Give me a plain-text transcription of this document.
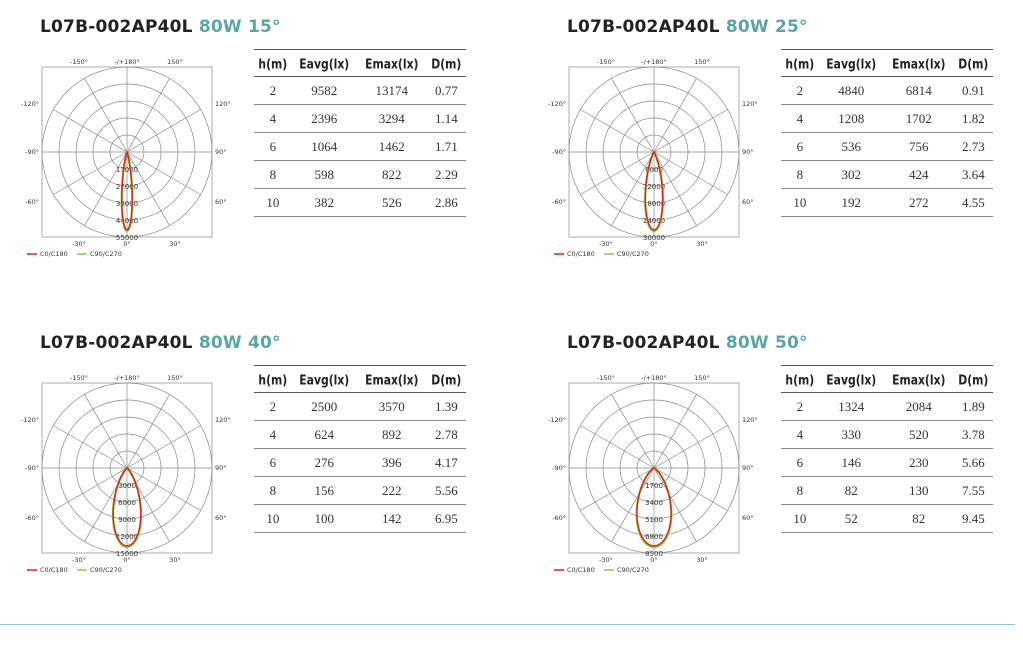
L07B-002AP40L 80W 15°
-/+180°
-150°	150°
0°
-30°	30°
-120°
-90°
-60°
120°
90°
60°
11000
27000
38000
44000
55000
C0/C180	C90/C270
h(m)	Eavg(lx)	Emax(lx)	D(m)
2	9582	13174	0.77
4	2396	3294	1.14
6	1064	1462	1.71
8	598	822	2.29
10	382	526	2.86
L07B-002AP40L 80W 25°
-/+180°
-150°	150°
0°
-30°	30°
-120°
-90°
-60°
120°
90°
60°
6000
12000
18000
24000
30000
C0/C180	C90/C270
h(m)	Eavg(lx)	Emax(lx)	D(m)
2	4840	6814	0.91
4	1208	1702	1.82
6	536	756	2.73
8	302	424	3.64
10	192	272	4.55
L07B-002AP40L 80W 40°
-/+180°
-150°	150°
0°
-30°	30°
-120°
-90°
-60°
120°
90°
60°
3000
6000
9000
12000
15000
C0/C180	C90/C270
h(m)	Eavg(lx)	Emax(lx)	D(m)
2	2500	3570	1.39
4	624	892	2.78
6	276	396	4.17
8	156	222	5.56
10	100	142	6.95
L07B-002AP40L 80W 50°
-/+180°
-150°	150°
0°
-30°	30°
-120°
-90°
-60°
120°
90°
60°
1700
3400
5100
6800
8500
C0/C180	C90/C270
h(m)	Eavg(lx)	Emax(lx)	D(m)
2	1324	2084	1.89
4	330	520	3.78
6	146	230	5.66
8	82	130	7.55
10	52	82	9.45
